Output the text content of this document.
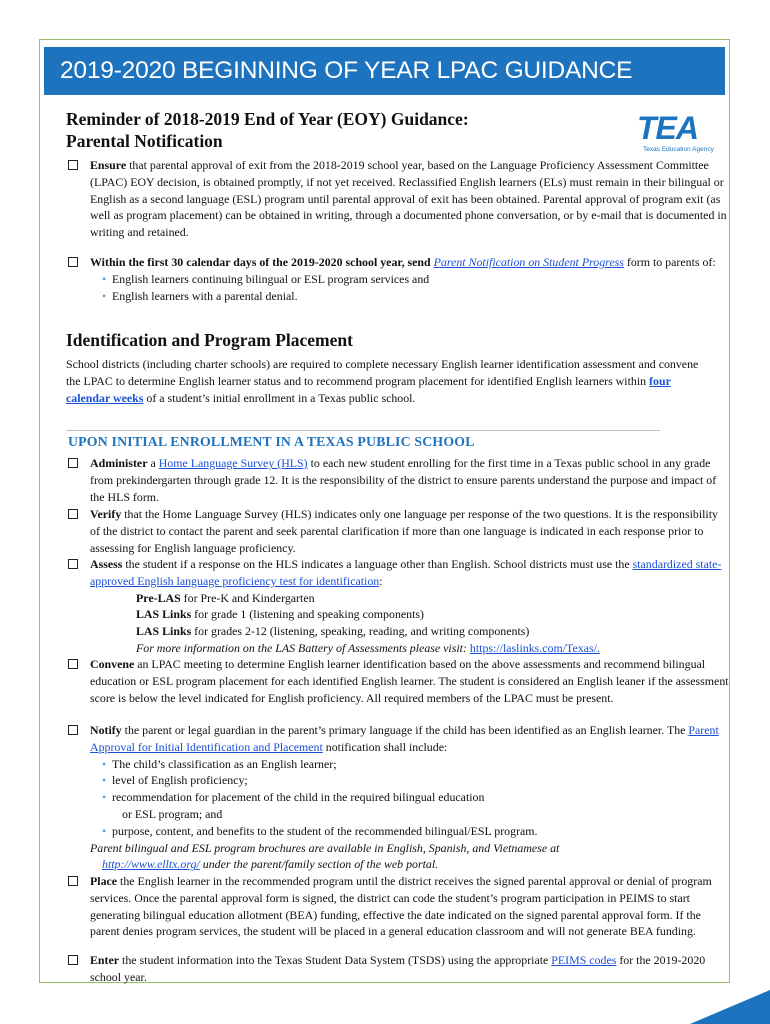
2019-2020 BEGINNING OF YEAR LPAC GUIDANCE
Reminder of 2018-2019 End of Year (EOY) Guidance:
Parental Notification	TEA
Texas Education Agency
Ensure that parental approval of exit from the 2018-2019 school year, based on the Language Proficiency Assessment Committee (LPAC) EOY decision, is obtained promptly, if not yet received. Reclassified English learners (ELs) must remain in their bilingual or English as a second language (ESL) program until parental approval of exit has been obtained. Parental approval of program exit (as well as program placement) can be obtained in writing, through a documented phone conversation, or by e-mail that is documented in writing and retained.
Within the first 30 calendar days of the 2019-2020 school year, send Parent Notification on Student Progress form to parents of:
• English learners continuing bilingual or ESL program services and
• English learners with a parental denial.
Identification and Program Placement
School districts (including charter schools) are required to complete necessary English learner identification assessment and convene the LPAC to determine English learner status and to recommend program placement for identified English learners within four calendar weeks of a student’s initial enrollment in a Texas public school.
UPON INITIAL ENROLLMENT IN A TEXAS PUBLIC SCHOOL
Administer a Home Language Survey (HLS) to each new student enrolling for the first time in a Texas public school in any grade from prekindergarten through grade 12. It is the responsibility of the district to ensure parents understand the purpose and impact of the HLS form.
Verify that the Home Language Survey (HLS) indicates only one language per response of the two questions. It is the responsibility of the district to contact the parent and seek parental clarification if more than one language is indicated in each response prior to assessing for English language proficiency.
Assess the student if a response on the HLS indicates a language other than English. School districts must use the standardized state-approved English language proficiency test for identification:
Pre-LAS for Pre-K and Kindergarten
LAS Links for grade 1 (listening and speaking components)
LAS Links for grades 2-12 (listening, speaking, reading, and writing components)
For more information on the LAS Battery of Assessments please visit: https://laslinks.com/Texas/.
Convene an LPAC meeting to determine English learner identification based on the above assessments and recommend bilingual education or ESL program placement for each identified English learner. The student is considered an English leaner if the assessment score is below the level indicated for English proficiency. All required members of the LPAC must be present.
Notify the parent or legal guardian in the parent’s primary language if the child has been identified as an English learner. The Parent Approval for Initial Identification and Placement notification shall include:
• The child’s classification as an English learner;
• level of English proficiency;
• recommendation for placement of the child in the required bilingual education
or ESL program; and
• purpose, content, and benefits to the student of the recommended bilingual/ESL program.
Parent bilingual and ESL program brochures are available in English, Spanish, and Vietnamese at
http://www.elltx.org/ under the parent/family section of the web portal.
Place the English learner in the recommended program until the district receives the signed parental approval or denial of program services. Once the parental approval form is signed, the district can code the student’s program participation in PEIMS to start generating bilingual education allotment (BEA) funding, effective the date indicated on the signed parental approval form. If the parent denies program services, the student will be placed in a general education classroom and will not generate BEA funding.
Enter the student information into the Texas Student Data System (TSDS) using the appropriate PEIMS codes for the 2019-2020 school year.
